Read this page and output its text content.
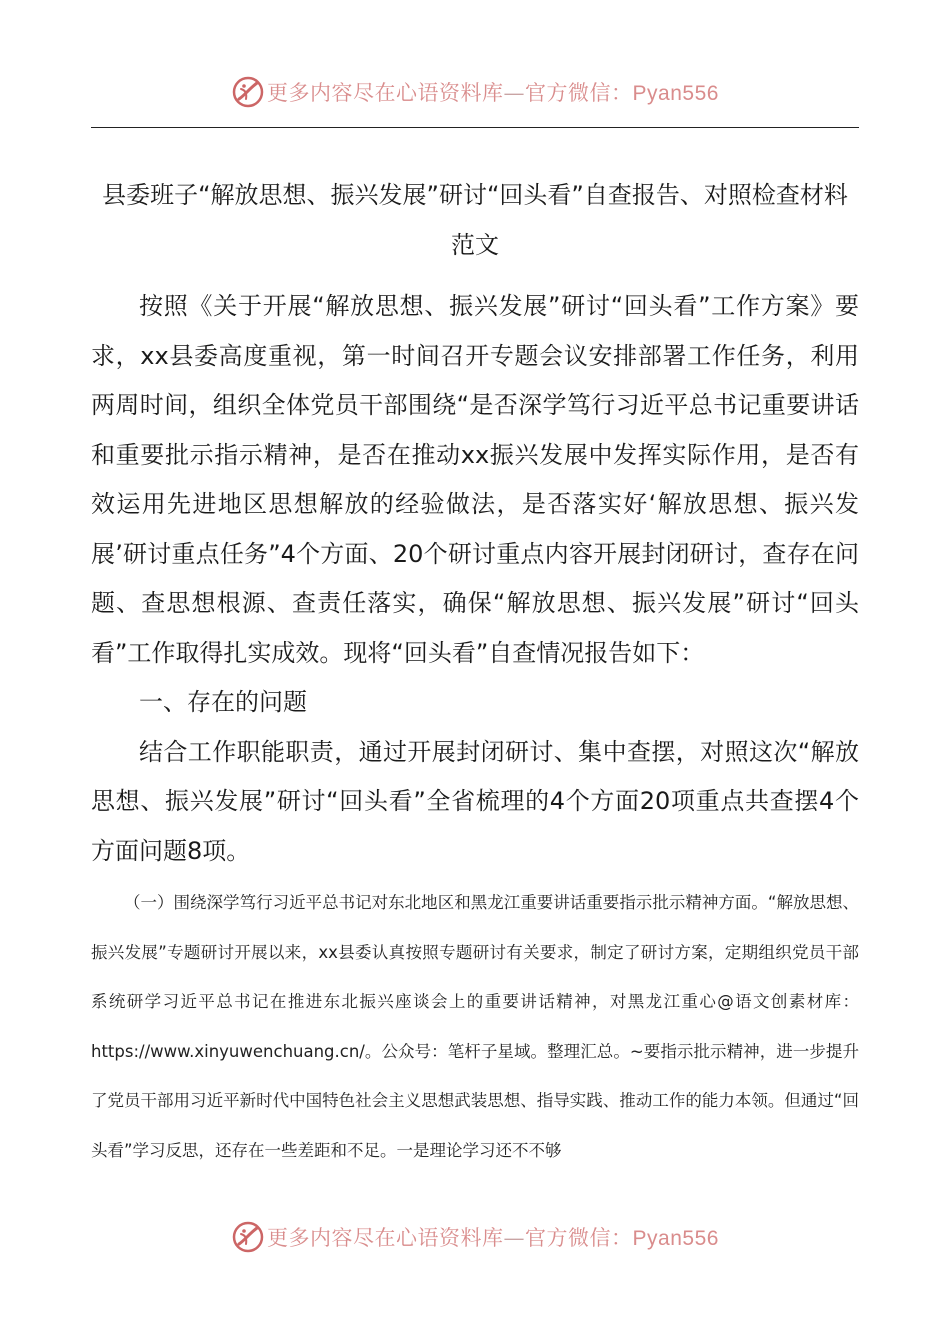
更多内容尽在心语资料库—官方微信：Pyan556
县委班子“解放思想、振兴发展”研讨“回头看”自查报告、对照检查材料范文

按照《关于开展“解放思想、振兴发展”研讨“回头看”工作方案》要求，xx县委高度重视，第一时间召开专题会议安排部署工作任务，利用两周时间，组织全体党员干部围绕“是否深学笃行习近平总书记重要讲话和重要批示指示精神，是否在推动xx振兴发展中发挥实际作用，是否有效运用先进地区思想解放的经验做法，是否落实好‘解放思想、振兴发展’研讨重点任务”4个方面、20个研讨重点内容开展封闭研讨，查存在问题、查思想根源、查责任落实，确保“解放思想、振兴发展”研讨“回头看”工作取得扎实成效。现将“回头看”自查情况报告如下：

一、存在的问题

结合工作职能职责，通过开展封闭研讨、集中查摆，对照这次“解放思想、振兴发展”研讨“回头看”全省梳理的4个方面20项重点共查摆4个方面问题8项。

（一）围绕深学笃行习近平总书记对东北地区和黑龙江重要讲话重要指示批示精神方面。“解放思想、振兴发展”专题研讨开展以来，xx县委认真按照专题研讨有关要求，制定了研讨方案，定期组织党员干部系统研学习近平总书记在推进东北振兴座谈会上的重要讲话精神，对黑龙江重心@语文创素材库：https://www.xinyuwenchuang.cn/。公众号：笔杆子星域。整理汇总。~要指示批示精神，进一步提升了党员干部用习近平新时代中国特色社会主义思想武装思想、指导实践、推动工作的能力本领。但通过“回头看”学习反思，还存在一些差距和不足。一是理论学习还不不够

更多内容尽在心语资料库—官方微信：Pyan556
